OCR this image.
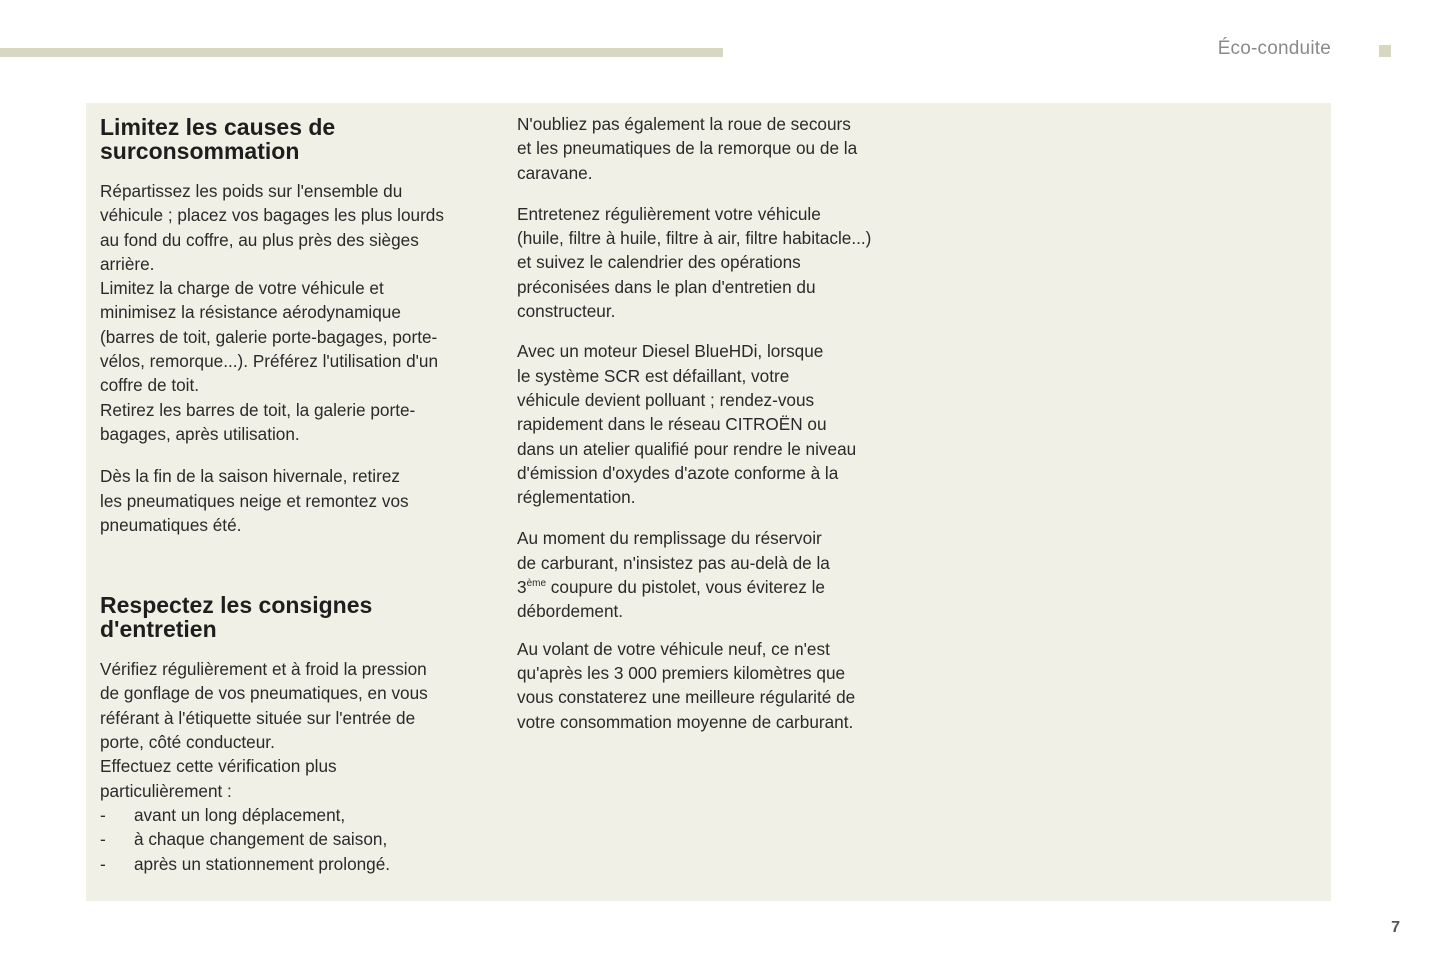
Éco-conduite
Limitez les causes de
surconsommation

Répartissez les poids sur l'ensemble du
véhicule ; placez vos bagages les plus lourds
au fond du coffre, au plus près des sièges
arrière.
Limitez la charge de votre véhicule et
minimisez la résistance aérodynamique
(barres de toit, galerie porte-bagages, porte-
vélos, remorque...). Préférez l'utilisation d'un
coffre de toit.
Retirez les barres de toit, la galerie porte-
bagages, après utilisation.

Dès la fin de la saison hivernale, retirez
les pneumatiques neige et remontez vos
pneumatiques été.

Respectez les consignes
d'entretien

Vérifiez régulièrement et à froid la pression
de gonflage de vos pneumatiques, en vous
référant à l'étiquette située sur l'entrée de
porte, côté conducteur.
Effectuez cette vérification plus
particulièrement :

-	avant un long déplacement,
-	à chaque changement de saison,
-	après un stationnement prolongé.

N'oubliez pas également la roue de secours
et les pneumatiques de la remorque ou de la
caravane.

Entretenez régulièrement votre véhicule
(huile, filtre à huile, filtre à air, filtre habitacle...)
et suivez le calendrier des opérations
préconisées dans le plan d'entretien du
constructeur.

Avec un moteur Diesel BlueHDi, lorsque
le système SCR est défaillant, votre
véhicule devient polluant ; rendez-vous
rapidement dans le réseau CITROËN ou
dans un atelier qualifié pour rendre le niveau
d'émission d'oxydes d'azote conforme à la
réglementation.

Au moment du remplissage du réservoir
de carburant, n'insistez pas au-delà de la
3ème coupure du pistolet, vous éviterez le
débordement.

Au volant de votre véhicule neuf, ce n'est
qu'après les 3 000 premiers kilomètres que
vous constaterez une meilleure régularité de
votre consommation moyenne de carburant.

7
